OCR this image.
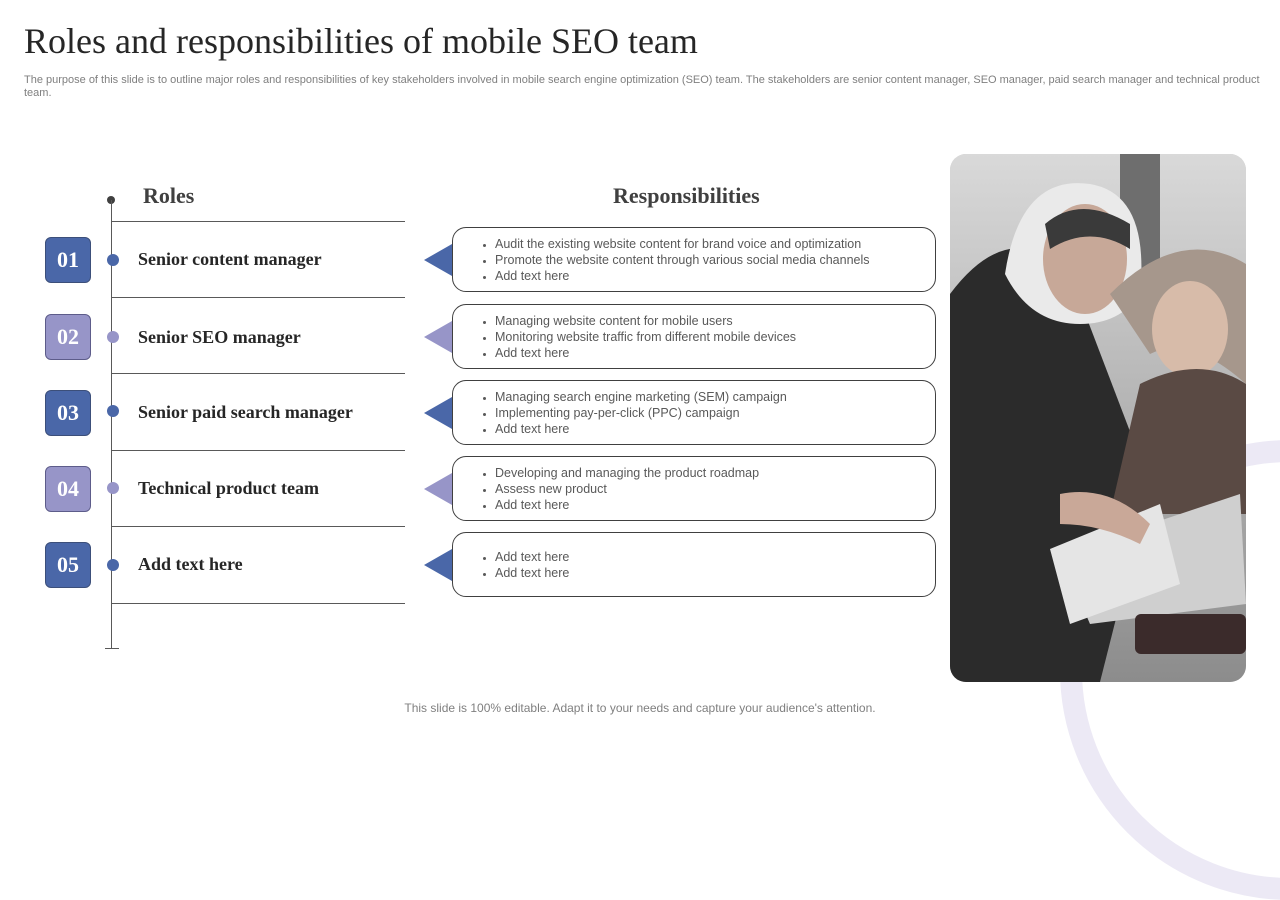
Roles and responsibilities of mobile SEO team

The purpose of this slide is to outline major roles and responsibilities of key stakeholders involved in mobile search engine optimization (SEO) team. The stakeholders are senior content manager, SEO manager, paid search manager and technical product team.

Roles	Responsibilities
01	Senior content manager

• Audit the existing website content for brand voice and optimization
• Promote the website content through various social media channels
• Add text here
02	Senior SEO manager

• Managing website content for mobile users
• Monitoring website traffic from different mobile devices
• Add text here
03	Senior paid search manager

• Managing search engine marketing (SEM) campaign
• Implementing pay-per-click (PPC) campaign
• Add text here
04	Technical product team

• Developing and managing the product roadmap
• Assess new product
• Add text here
05	Add text here

•	Add text here
• Add text here

This slide is 100% editable. Adapt it to your needs and capture your audience's attention.
